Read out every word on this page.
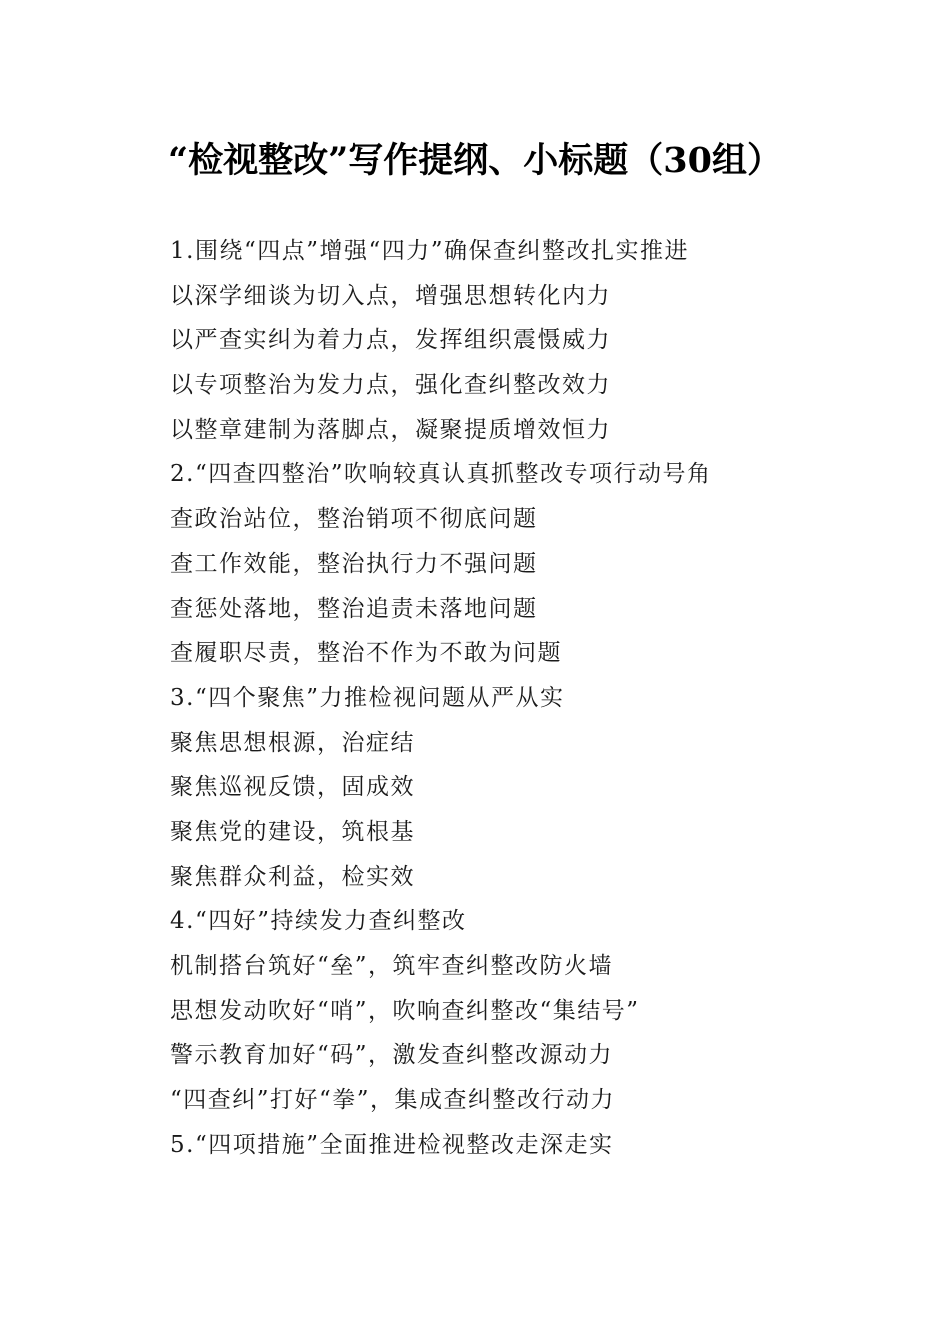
“检视整改”写作提纲、小标题（30组）
1.围绕“四点”增强“四力”确保查纠整改扎实推进
以深学细谈为切入点，增强思想转化内力
以严查实纠为着力点，发挥组织震慑威力
以专项整治为发力点，强化查纠整改效力
以整章建制为落脚点，凝聚提质增效恒力
2.“四查四整治”吹响较真认真抓整改专项行动号角
查政治站位，整治销项不彻底问题
查工作效能，整治执行力不强问题
查惩处落地，整治追责未落地问题
查履职尽责，整治不作为不敢为问题
3.“四个聚焦”力推检视问题从严从实
聚焦思想根源，治症结
聚焦巡视反馈，固成效
聚焦党的建设，筑根基
聚焦群众利益，检实效
4.“四好”持续发力查纠整改
机制搭台筑好“垒”，筑牢查纠整改防火墙
思想发动吹好“哨”，吹响查纠整改“集结号”
警示教育加好“码”，激发查纠整改源动力
“四查纠”打好“拳”，集成查纠整改行动力
5.“四项措施”全面推进检视整改走深走实
